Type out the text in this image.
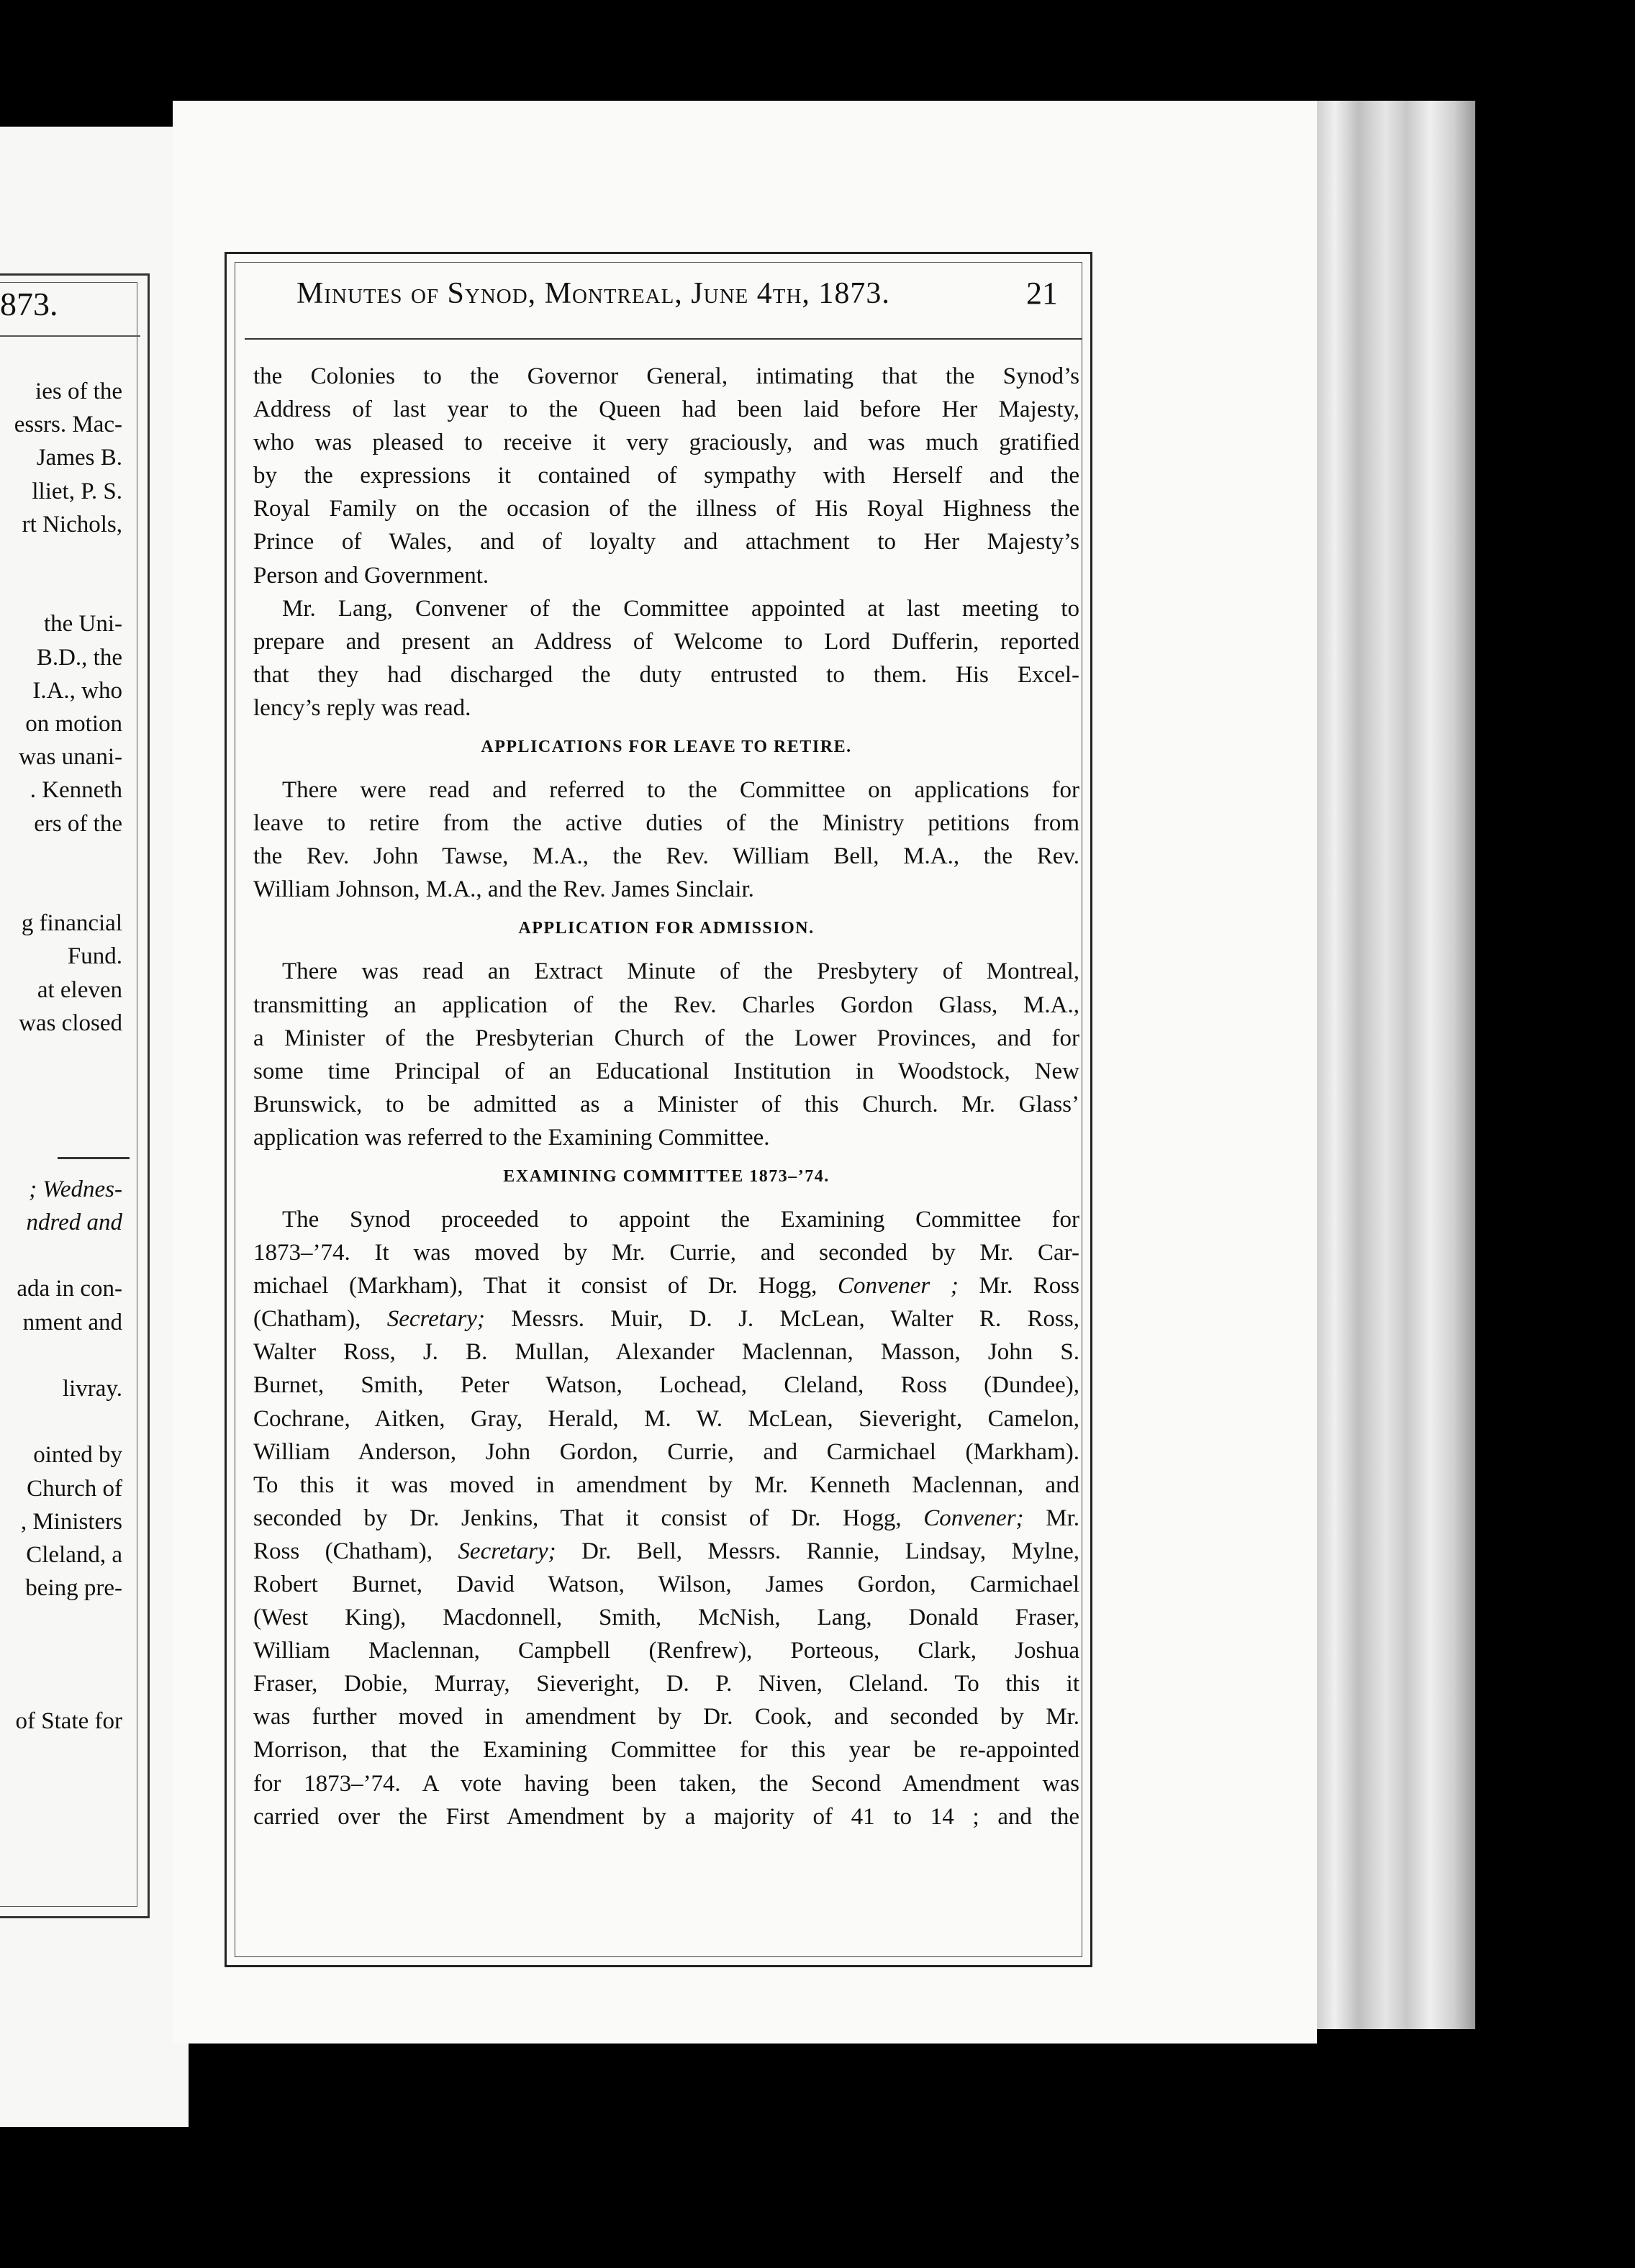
873.
ies of the
essrs. Mac-
James B.
lliet, P. S.
rt Nichols,
the Uni-
B.D., the
I.A., who
on motion
was unani-
. Kenneth
ers of the
g financial
Fund.
at eleven
was closed
; Wednes-
ndred and
ada in con-
nment and
livray.
ointed by
Church of
, Ministers
Cleland, a
being pre-
of State for
Minutes of Synod, Montreal, June 4th, 1873.	21
the Colonies to the Governor General, intimating that the Synod’s
Address of last year to the Queen had been laid before Her Majesty,
who was pleased to receive it very graciously, and was much gratified
by the expressions it contained of sympathy with Herself and the
Royal Family on the occasion of the illness of His Royal Highness the
Prince of Wales, and of loyalty and attachment to Her Majesty’s
Person and Government.
Mr. Lang, Convener of the Committee appointed at last meeting to
prepare and present an Address of Welcome to Lord Dufferin, reported
that they had discharged the duty entrusted to them. His Excel-
lency’s reply was read.
APPLICATIONS FOR LEAVE TO RETIRE.
There were read and referred to the Committee on applications for
leave to retire from the active duties of the Ministry petitions from
the Rev. John Tawse, M.A., the Rev. William Bell, M.A., the Rev.
William Johnson, M.A., and the Rev. James Sinclair.
APPLICATION FOR ADMISSION.
There was read an Extract Minute of the Presbytery of Montreal,
transmitting an application of the Rev. Charles Gordon Glass, M.A.,
a Minister of the Presbyterian Church of the Lower Provinces, and for
some time Principal of an Educational Institution in Woodstock, New
Brunswick, to be admitted as a Minister of this Church. Mr. Glass’
application was referred to the Examining Committee.
EXAMINING COMMITTEE 1873–’74.
The Synod proceeded to appoint the Examining Committee for
1873–’74. It was moved by Mr. Currie, and seconded by Mr. Car-
michael (Markham), That it consist of Dr. Hogg, Convener ; Mr. Ross
(Chatham), Secretary; Messrs. Muir, D. J. McLean, Walter R. Ross,
Walter Ross, J. B. Mullan, Alexander Maclennan, Masson, John S.
Burnet, Smith, Peter Watson, Lochead, Cleland, Ross (Dundee),
Cochrane, Aitken, Gray, Herald, M. W. McLean, Sieveright, Camelon,
William Anderson, John Gordon, Currie, and Carmichael (Markham).
To this it was moved in amendment by Mr. Kenneth Maclennan, and
seconded by Dr. Jenkins, That it consist of Dr. Hogg, Convener; Mr.
Ross (Chatham), Secretary; Dr. Bell, Messrs. Rannie, Lindsay, Mylne,
Robert Burnet, David Watson, Wilson, James Gordon, Carmichael
(West King), Macdonnell, Smith, McNish, Lang, Donald Fraser,
William Maclennan, Campbell (Renfrew), Porteous, Clark, Joshua
Fraser, Dobie, Murray, Sieveright, D. P. Niven, Cleland. To this it
was further moved in amendment by Dr. Cook, and seconded by Mr.
Morrison, that the Examining Committee for this year be re-appointed
for 1873–’74. A vote having been taken, the Second Amendment was
carried over the First Amendment by a majority of 41 to 14 ; and the
